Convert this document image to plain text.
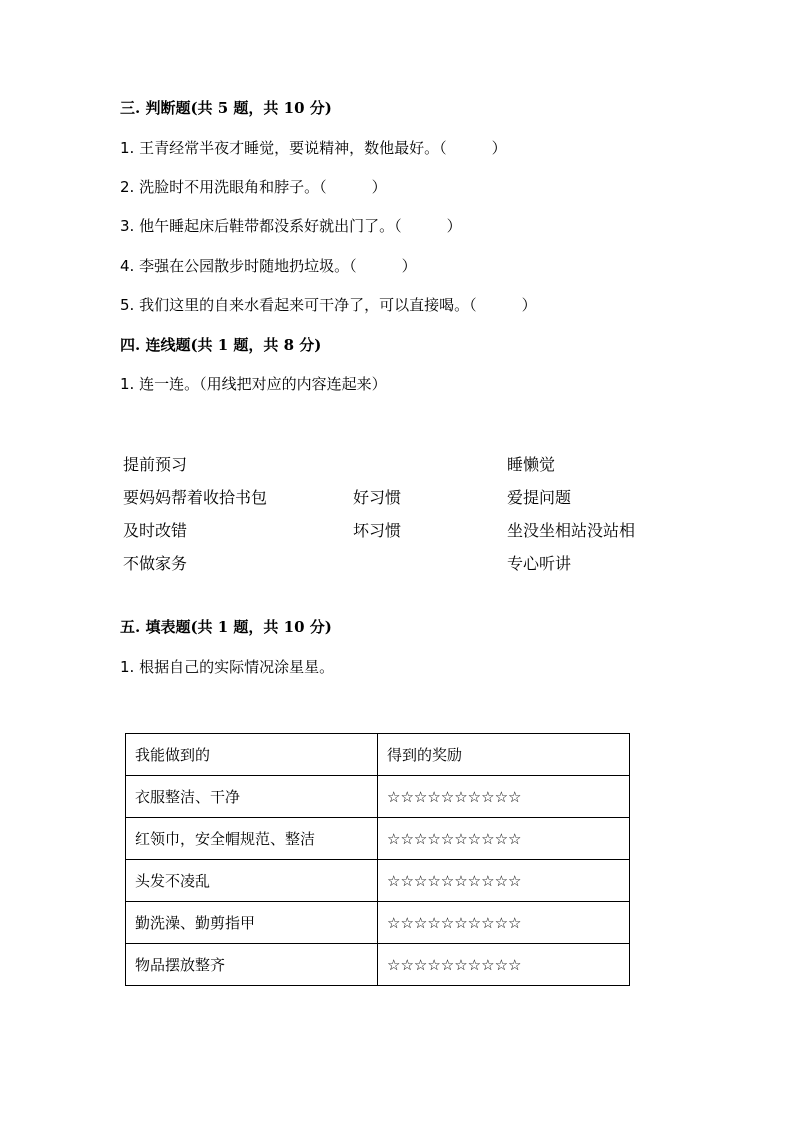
三. 判断题(共 5 题，共 10 分)
1. 王青经常半夜才睡觉，要说精神，数他最好。（　　　）
2. 洗脸时不用洗眼角和脖子。（　　　）
3. 他午睡起床后鞋带都没系好就出门了。（　　　）
4. 李强在公园散步时随地扔垃圾。（　　　）
5. 我们这里的自来水看起来可干净了，可以直接喝。（　　　）
四. 连线题(共 1 题，共 8 分)
1. 连一连。（用线把对应的内容连起来）
提前预习
要妈妈帮着收拾书包
及时改错
不做家务
好习惯
坏习惯
睡懒觉
爱提问题
坐没坐相站没站相
专心听讲
五. 填表题(共 1 题，共 10 分)
1. 根据自己的实际情况涂星星。
我能做到的	得到的奖励
衣服整洁、干净	☆☆☆☆☆☆☆☆☆☆
红领巾，安全帽规范、整洁	☆☆☆☆☆☆☆☆☆☆
头发不凌乱	☆☆☆☆☆☆☆☆☆☆
勤洗澡、勤剪指甲	☆☆☆☆☆☆☆☆☆☆
物品摆放整齐	☆☆☆☆☆☆☆☆☆☆
